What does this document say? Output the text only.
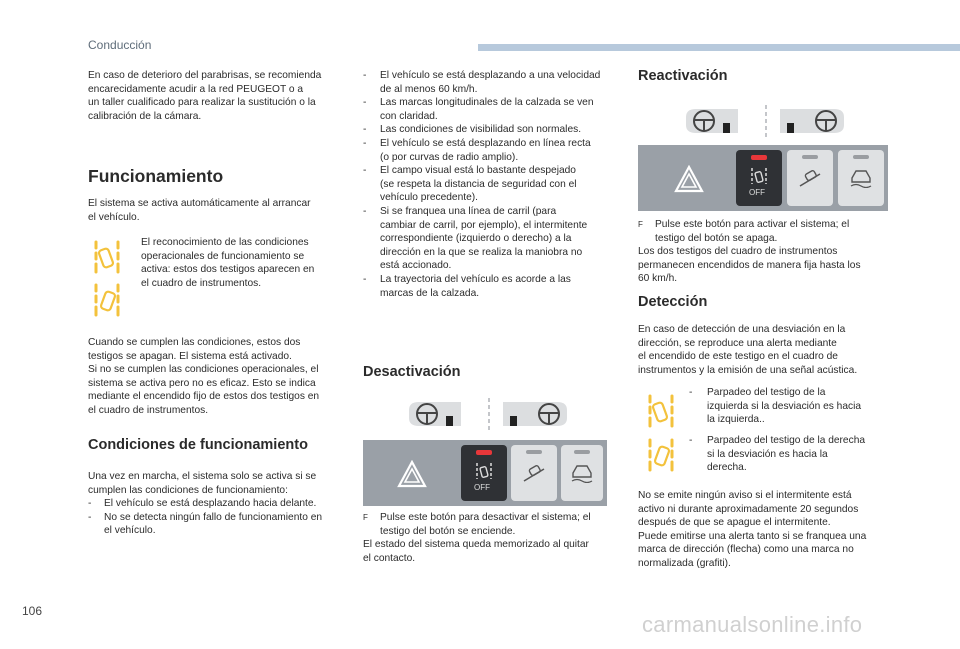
Conducción
En caso de deterioro del parabrisas, se recomienda
encarecidamente acudir a la red PEUGEOT o a
un taller cualificado para realizar la sustitución o la
calibración de la cámara.
Funcionamiento
El sistema se activa automáticamente al arrancar
el vehículo.
El reconocimiento de las condiciones
operacionales de funcionamiento se
activa: estos dos testigos aparecen en
el cuadro de instrumentos.
Cuando se cumplen las condiciones, estos dos
testigos se apagan. El sistema está activado.
Si no se cumplen las condiciones operacionales, el
sistema se activa pero no es eficaz. Esto se indica
mediante el encendido fijo de estos dos testigos en
el cuadro de instrumentos.
Condiciones de funcionamiento
Una vez en marcha, el sistema solo se activa si se
cumplen las condiciones de funcionamiento:
- El vehículo se está desplazando hacia delante.
- No se detecta ningún fallo de funcionamiento en
el vehículo.
- El vehículo se está desplazando a una velocidad
de al menos 60 km/h.
- Las marcas longitudinales de la calzada se ven
con claridad.
- Las condiciones de visibilidad son normales.
- El vehículo se está desplazando en línea recta
(o por curvas de radio amplio).
- El campo visual está lo bastante despejado
(se respeta la distancia de seguridad con el
vehículo precedente).
- Si se franquea una línea de carril (para
cambiar de carril, por ejemplo), el intermitente
correspondiente (izquierdo o derecho) a la
dirección en la que se realiza la maniobra no
está accionado.
- La trayectoria del vehículo es acorde a las
marcas de la calzada.
Desactivación
OFF
F Pulse este botón para desactivar el sistema; el
testigo del botón se enciende.
El estado del sistema queda memorizado al quitar
el contacto.
Reactivación
OFF
F Pulse este botón para activar el sistema; el
testigo del botón se apaga.
Los dos testigos del cuadro de instrumentos
permanecen encendidos de manera fija hasta los
60 km/h.
Detección
En caso de detección de una desviación en la
dirección, se reproduce una alerta mediante
el encendido de este testigo en el cuadro de
instrumentos y la emisión de una señal acústica.
- Parpadeo del testigo de la
izquierda si la desviación es hacia
la izquierda..
- Parpadeo del testigo de la derecha
si la desviación es hacia la
derecha.
No se emite ningún aviso si el intermitente está
activo ni durante aproximadamente 20 segundos
después de que se apague el intermitente.
Puede emitirse una alerta tanto si se franquea una
marca de dirección (flecha) como una marca no
normalizada (grafiti).
106
carmanualsonline.info
